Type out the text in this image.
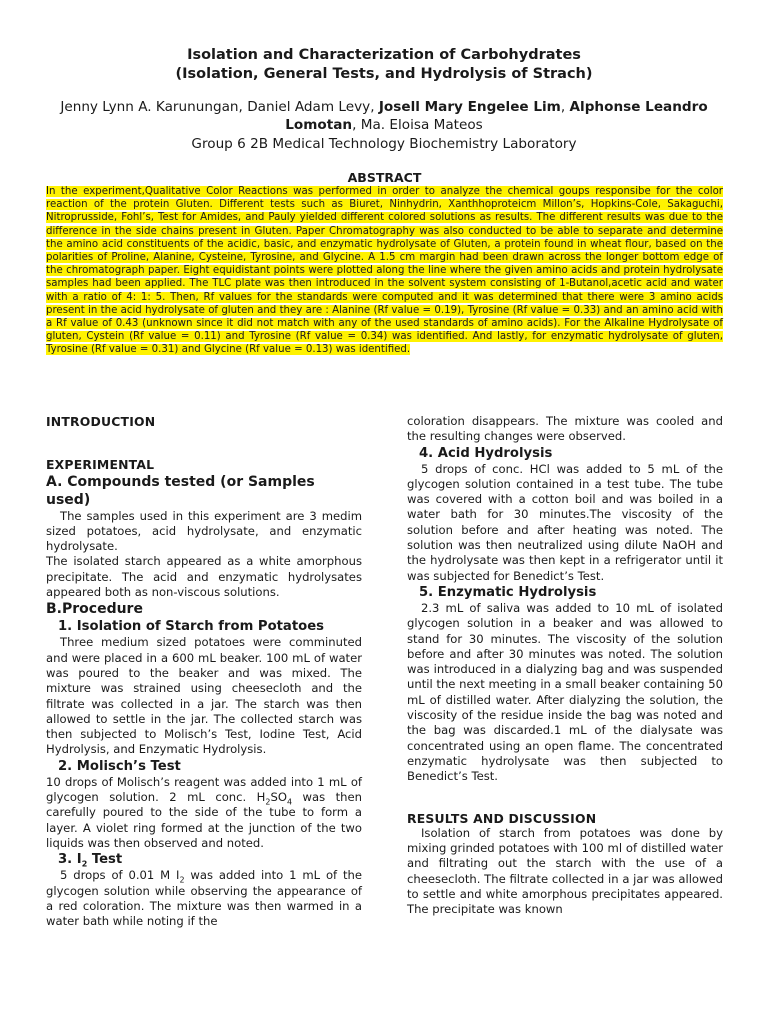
Isolation and Characterization of Carbohydrates
(Isolation, General Tests, and Hydrolysis of Strach)
Jenny Lynn A. Karunungan, Daniel Adam Levy, Josell Mary Engelee Lim, Alphonse Leandro Lomotan, Ma. Eloisa Mateos
Group 6 2B Medical Technology Biochemistry Laboratory
ABSTRACT

In the experiment,Qualitative Color Reactions was performed in order to analyze the chemical goups responsibe for the color reaction of the protein Gluten. Different tests such as Biuret, Ninhydrin, Xanthhoproteicm Millon’s, Hopkins-Cole, Sakaguchi, Nitroprusside, Fohl’s, Test for Amides, and Pauly yielded different colored solutions as results. The different results was due to the difference in the side chains present in Gluten. Paper Chromatography was also conducted to be able to separate and determine the amino acid constituents of the acidic, basic, and enzymatic hydrolysate of Gluten, a protein found in wheat flour, based on the polarities of Proline, Alanine, Cysteine, Tyrosine, and Glycine. A 1.5 cm margin had been drawn across the longer bottom edge of the chromatograph paper. Eight equidistant points were plotted along the line where the given amino acids and protein hydrolysate samples had been applied. The TLC plate was then introduced in the solvent system consisting of 1-Butanol,acetic acid and water with a ratio of 4: 1: 5. Then, Rf values for the standards were computed and it was determined that there were 3 amino acids present in the acid hydrolysate of gluten and they are : Alanine (Rf value = 0.19), Tyrosine (Rf value = 0.33) and an amino acid with a Rf value of 0.43 (unknown since it did not match with any of the used standards of amino acids). For the Alkaline Hydrolysate of gluten, Cystein (Rf value = 0.11) and Tyrosine (Rf value = 0.34) was identified. And lastly, for enzymatic hydrolysate of gluten, Tyrosine (Rf value = 0.31) and Glycine (Rf value = 0.13) was identified.

INTRODUCTION
EXPERIMENTAL
A. Compounds tested (or Samples used)

The samples used in this experiment are 3 medim sized potatoes, acid hydrolysate, and enzymatic hydrolysate.

The isolated starch appeared as a white amorphous precipitate. The acid and enzymatic hydrolysates appeared both as non-viscous solutions.

B.Procedure
1. Isolation of Starch from Potatoes

Three medium sized potatoes were comminuted and were placed in a 600 mL beaker. 100 mL of water was poured to the beaker and was mixed. The mixture was strained using cheesecloth and the filtrate was collected in a jar. The starch was then allowed to settle in the jar. The collected starch was then subjected to Molisch’s Test, Iodine Test, Acid Hydrolysis, and Enzymatic Hydrolysis.

2. Molisch’s Test

10 drops of Molisch’s reagent was added into 1 mL of glycogen solution. 2 mL conc. $H_2SO_4$ was then carefully poured to the side of the tube to form a layer. A violet ring formed at the junction of the two liquids was then observed and noted.

3. $I_2$ Test

5 drops of 0.01 M $I_2$ was added into 1 mL of the glycogen solution while observing the appearance of a red coloration. The mixture was then warmed in a water bath while noting if the

coloration disappears. The mixture was cooled and the resulting changes were observed.

4. Acid Hydrolysis

5 drops of conc. HCl was added to 5 mL of the glycogen solution contained in a test tube. The tube was covered with a cotton boil and was boiled in a water bath for 30 minutes.The viscosity of the solution before and after heating was noted. The solution was then neutralized using dilute NaOH and the hydrolysate was then kept in a refrigerator until it was subjected for Benedict’s Test.

5. Enzymatic Hydrolysis

2.3 mL of saliva was added to 10 mL of isolated glycogen solution in a beaker and was allowed to stand for 30 minutes. The viscosity of the solution before and after 30 minutes was noted. The solution was introduced in a dialyzing bag and was suspended until the next meeting in a small beaker containing 50 mL of distilled water. After dialyzing the solution, the viscosity of the residue inside the bag was noted and the bag was discarded.1 mL of the dialysate was concentrated using an open flame. The concentrated enzymatic hydrolysate was then subjected to Benedict’s Test.

RESULTS AND DISCUSSION

Isolation of starch from potatoes was done by mixing grinded potatoes with 100 ml of distilled water and filtrating out the starch with the use of a cheesecloth. The filtrate collected in a jar was allowed to settle and white amorphous precipitates appeared. The precipitate was known
